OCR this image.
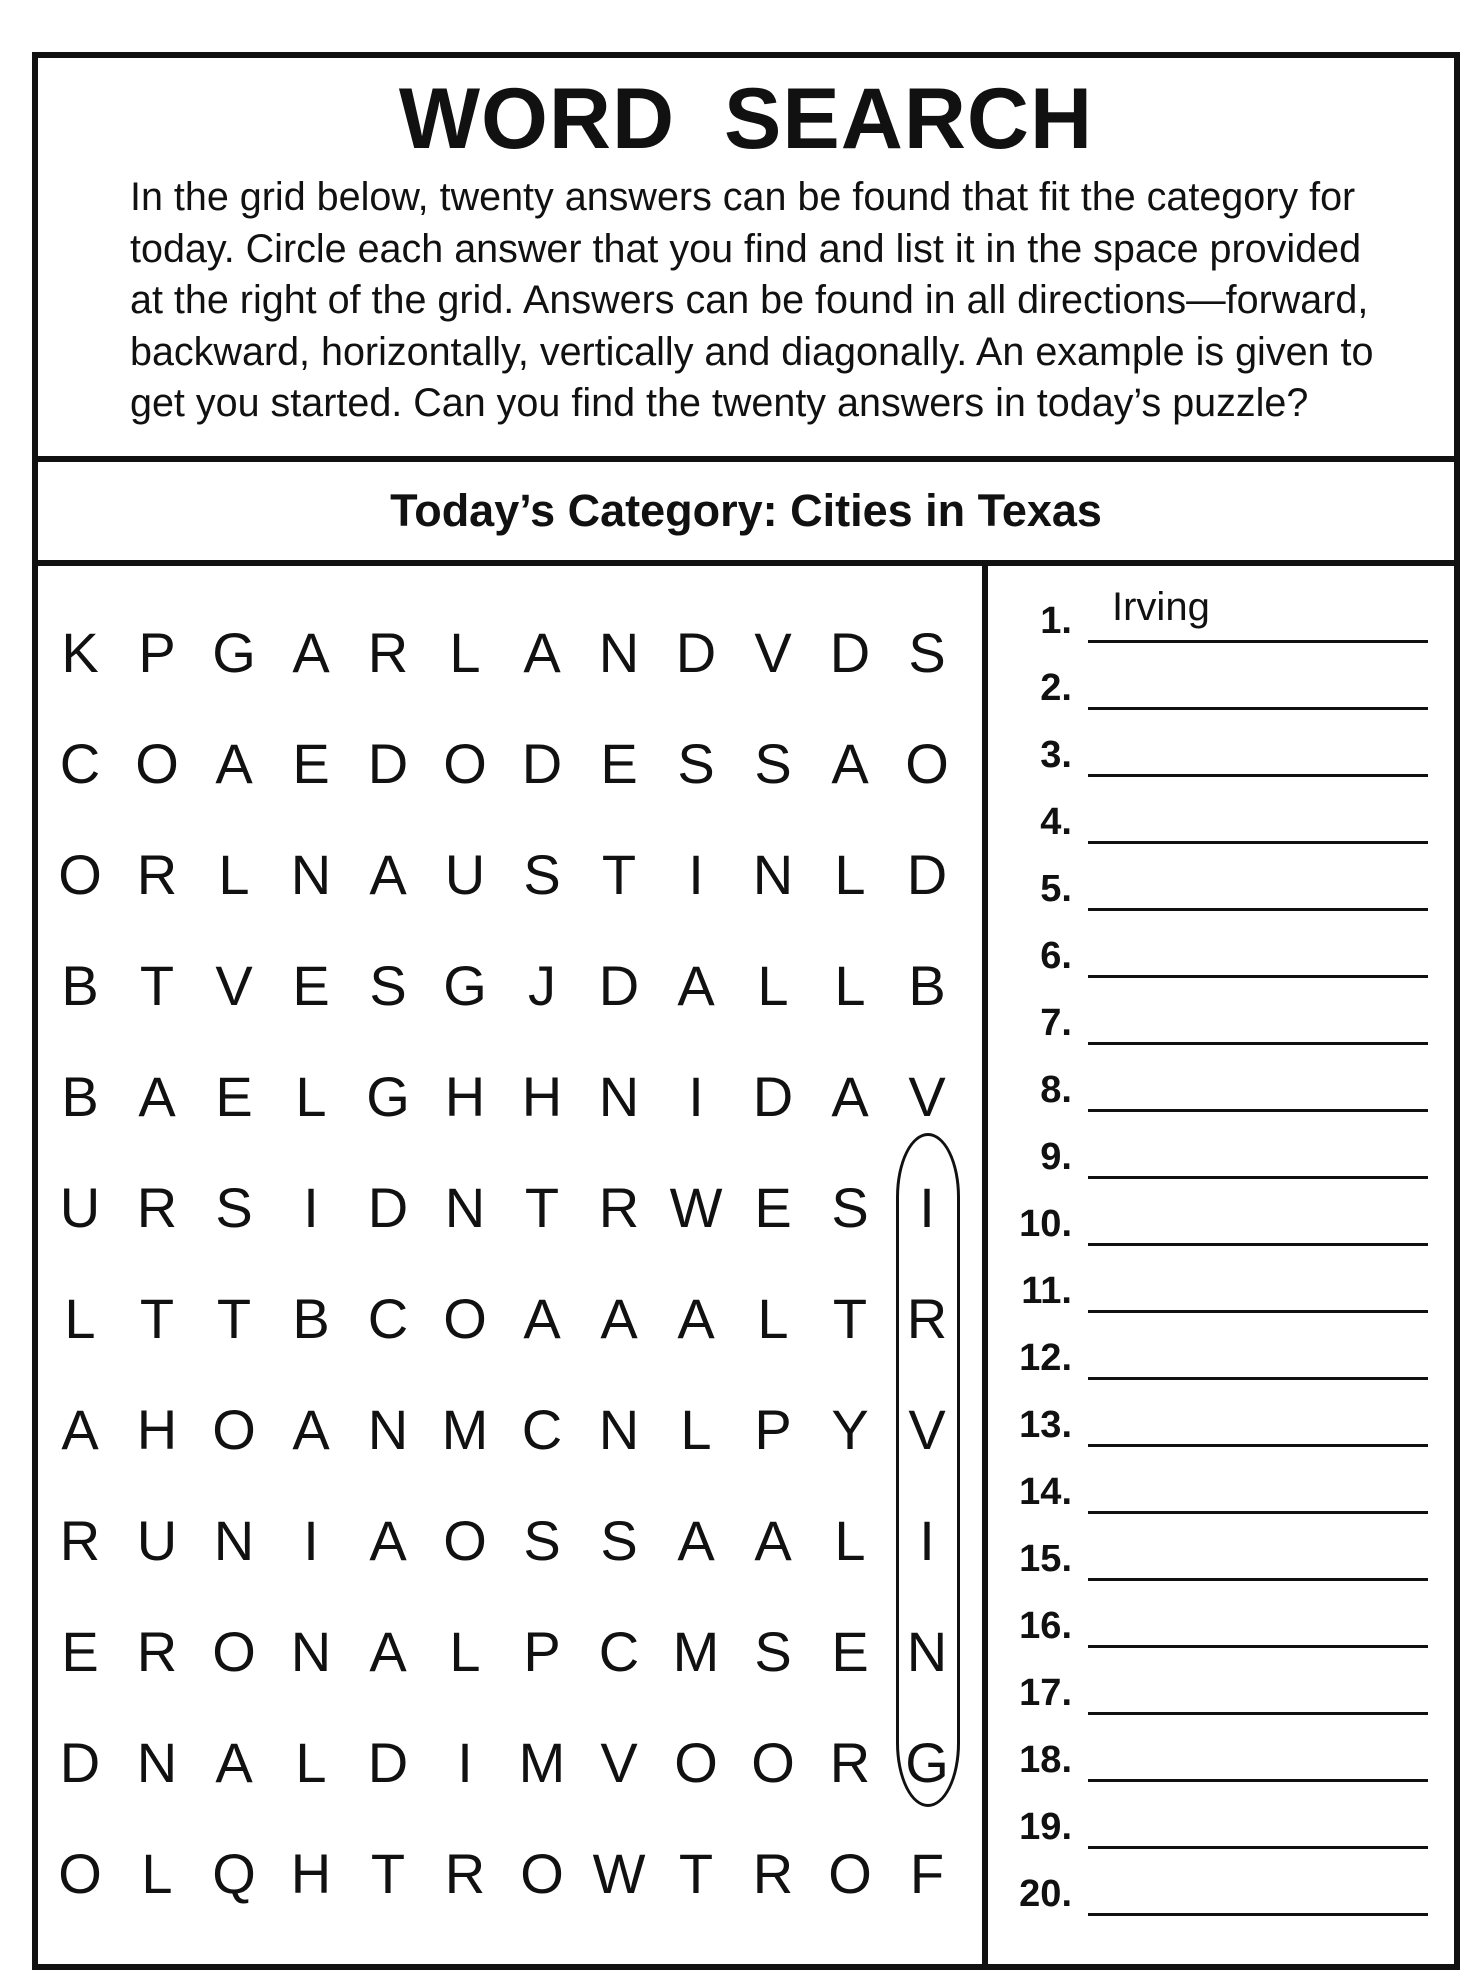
WORD SEARCH

In the grid below, twenty answers can be found that fit the category for

today. Circle each answer that you find and list it in the space provided

at the right of the grid. Answers can be found in all directions—forward,

backward, horizontally, vertically and diagonally. An example is given to

get you started. Can you find the twenty answers in today’s puzzle?

Today’s Category: Cities in Texas
K P G A R L A N D V D S
C O A E D O D E S S A O
O R L N A U S T I N L D
B T V E S G J D A L L B
B A E L G H H N I D A V
U R S I D N T R W E S I
L T T B C O A A A L T R
A H O A N M C N L P Y V
R U N I A O S S A A L I
E R O N A L P C M S E N
D N A L D I M V O O R G
O L Q H T R O W T R O F
1.
2.
3.
4.
5.
6.
7.
8.
9.
10.
11.
12.
13.
14.
15.
16.
17.
18.
19.
20.
Irving
